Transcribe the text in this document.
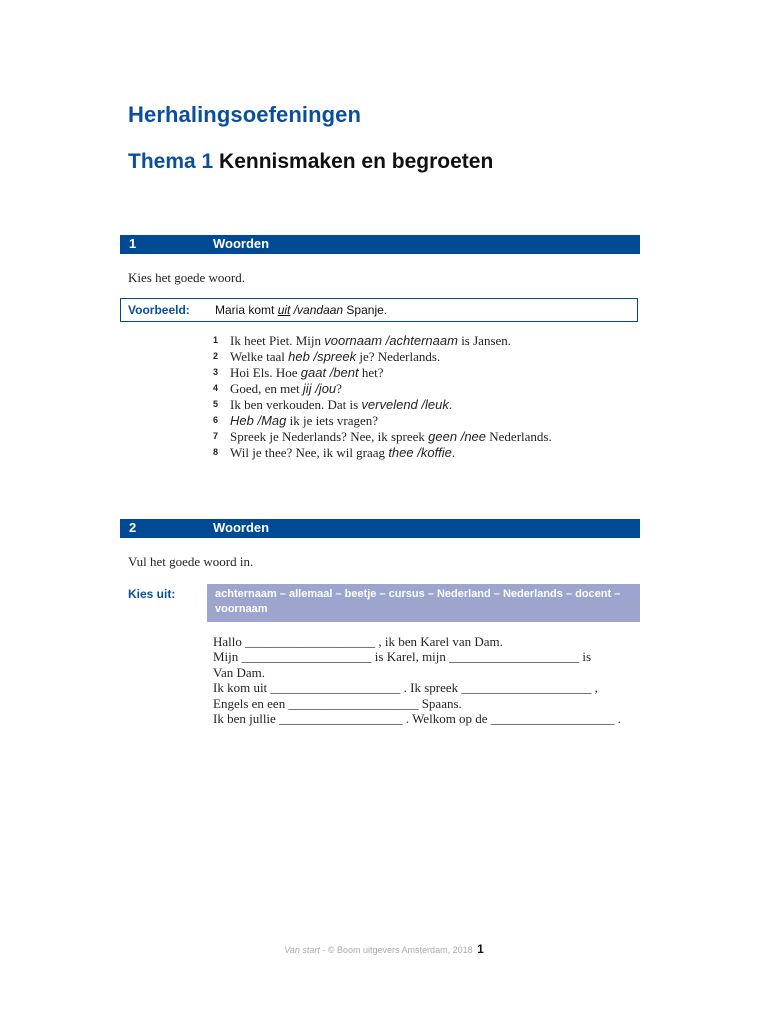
Herhalingsoefeningen
Thema 1 Kennismaken en begroeten
1	Woorden
Kies het goede woord.
Voorbeeld: Maria komt uit /vandaan Spanje.
1 Ik heet Piet. Mijn voornaam /achternaam is Jansen.
2 Welke taal heb /spreek je? Nederlands.
3 Hoi Els. Hoe gaat /bent het?
4 Goed, en met jij /jou?
5 Ik ben verkouden. Dat is vervelend /leuk.
6 Heb /Mag ik je iets vragen?
7 Spreek je Nederlands? Nee, ik spreek geen /nee Nederlands.
8 Wil je thee? Nee, ik wil graag thee /koffie.
2	Woorden
Vul het goede woord in.
Kies uit:	achternaam – allemaal – beetje – cursus – Nederland – Nederlands – docent – voornaam
Hallo ____________________ , ik ben Karel van Dam.
Mijn ____________________ is Karel, mijn ____________________ is
Van Dam.
Ik kom uit ____________________ . Ik spreek ____________________ ,
Engels en een ____________________ Spaans.
Ik ben jullie ___________________ . Welkom op de ___________________ .
Van start - © Boom uitgevers Amsterdam, 2018 1
